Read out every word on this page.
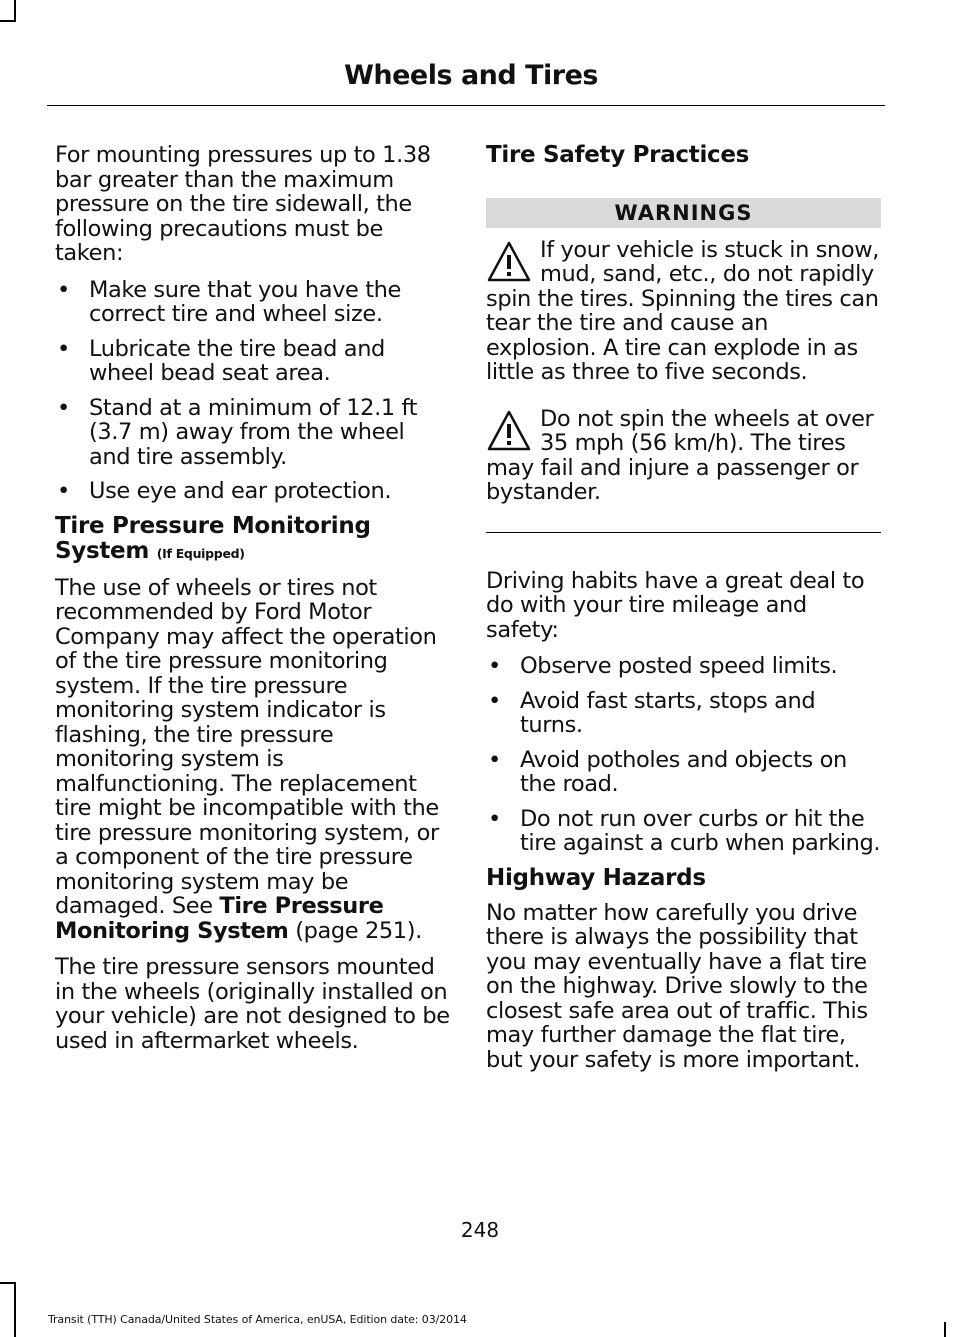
Wheels and Tires

For mounting pressures up to 1.38 bar greater than the maximum pressure on the tire sidewall, the following precautions must be taken:

• Make sure that you have the correct tire and wheel size.
• Lubricate the tire bead and wheel bead seat area.
• Stand at a minimum of 12.1 ft (3.7 m) away from the wheel and tire assembly.
• Use eye and ear protection.
Tire Pressure Monitoring System (If Equipped)

The use of wheels or tires not recommended by Ford Motor Company may affect the operation of the tire pressure monitoring system. If the tire pressure monitoring system indicator is flashing, the tire pressure monitoring system is malfunctioning. The replacement tire might be incompatible with the tire pressure monitoring system, or a component of the tire pressure monitoring system may be damaged. See Tire Pressure Monitoring System (page 251).

The tire pressure sensors mounted in the wheels (originally installed on your vehicle) are not designed to be used in aftermarket wheels.

Tire Safety Practices
WARNINGS
If your vehicle is stuck in snow, mud, sand, etc., do not rapidly spin the tires. Spinning the tires can tear the tire and cause an explosion. A tire can explode in as little as three to five seconds.
Do not spin the wheels at over 35 mph (56 km/h). The tires may fail and injure a passenger or bystander.

Driving habits have a great deal to do with your tire mileage and safety:

• Observe posted speed limits.
• Avoid fast starts, stops and turns.
• Avoid potholes and objects on the road.
• Do not run over curbs or hit the tire against a curb when parking.
Highway Hazards

No matter how carefully you drive there is always the possibility that you may eventually have a flat tire on the highway. Drive slowly to the closest safe area out of traffic. This may further damage the flat tire, but your safety is more important.

248
Transit (TTH) Canada/United States of America, enUSA, Edition date: 03/2014
